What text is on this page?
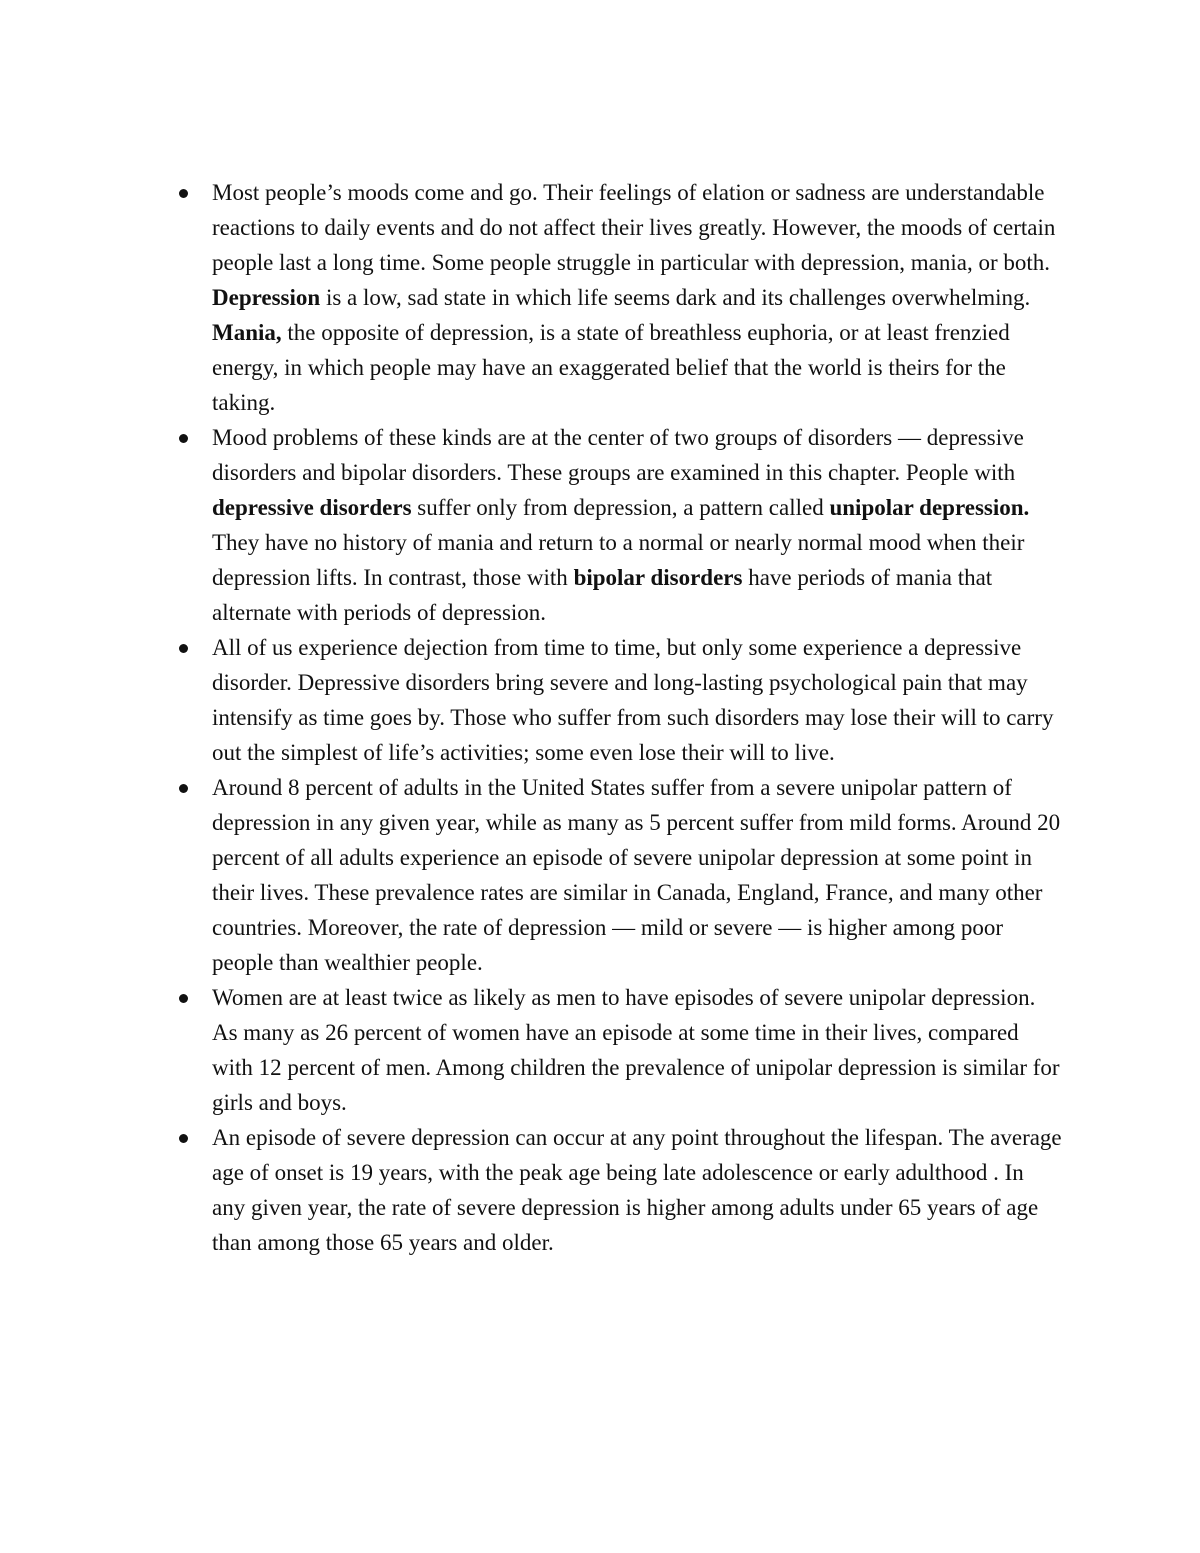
Most people’s moods come and go. Their feelings of elation or sadness are understandable reactions to daily events and do not affect their lives greatly. However, the moods of certain people last a long time. Some people struggle in particular with depression, mania, or both. Depression is a low, sad state in which life seems dark and its challenges overwhelming. Mania, the opposite of depression, is a state of breathless euphoria, or at least frenzied energy, in which people may have an exaggerated belief that the world is theirs for the taking.
Mood problems of these kinds are at the center of two groups of disorders — depressive disorders and bipolar disorders. These groups are examined in this chapter. People with depressive disorders suffer only from depression, a pattern called unipolar depression. They have no history of mania and return to a normal or nearly normal mood when their depression lifts. In contrast, those with bipolar disorders have periods of mania that alternate with periods of depression.
All of us experience dejection from time to time, but only some experience a depressive disorder. Depressive disorders bring severe and long-lasting psychological pain that may intensify as time goes by. Those who suffer from such disorders may lose their will to carry out the simplest of life’s activities; some even lose their will to live.
Around 8 percent of adults in the United States suffer from a severe unipolar pattern of depression in any given year, while as many as 5 percent suffer from mild forms. Around 20 percent of all adults experience an episode of severe unipolar depression at some point in their lives. These prevalence rates are similar in Canada, England, France, and many other countries. Moreover, the rate of depression — mild or severe — is higher among poor people than wealthier people.
Women are at least twice as likely as men to have episodes of severe unipolar depression. As many as 26 percent of women have an episode at some time in their lives, compared with 12 percent of men. Among children the prevalence of unipolar depression is similar for girls and boys.
An episode of severe depression can occur at any point throughout the lifespan. The average age of onset is 19 years, with the peak age being late adolescence or early adulthood . In any given year, the rate of severe depression is higher among adults under 65 years of age than among those 65 years and older.
